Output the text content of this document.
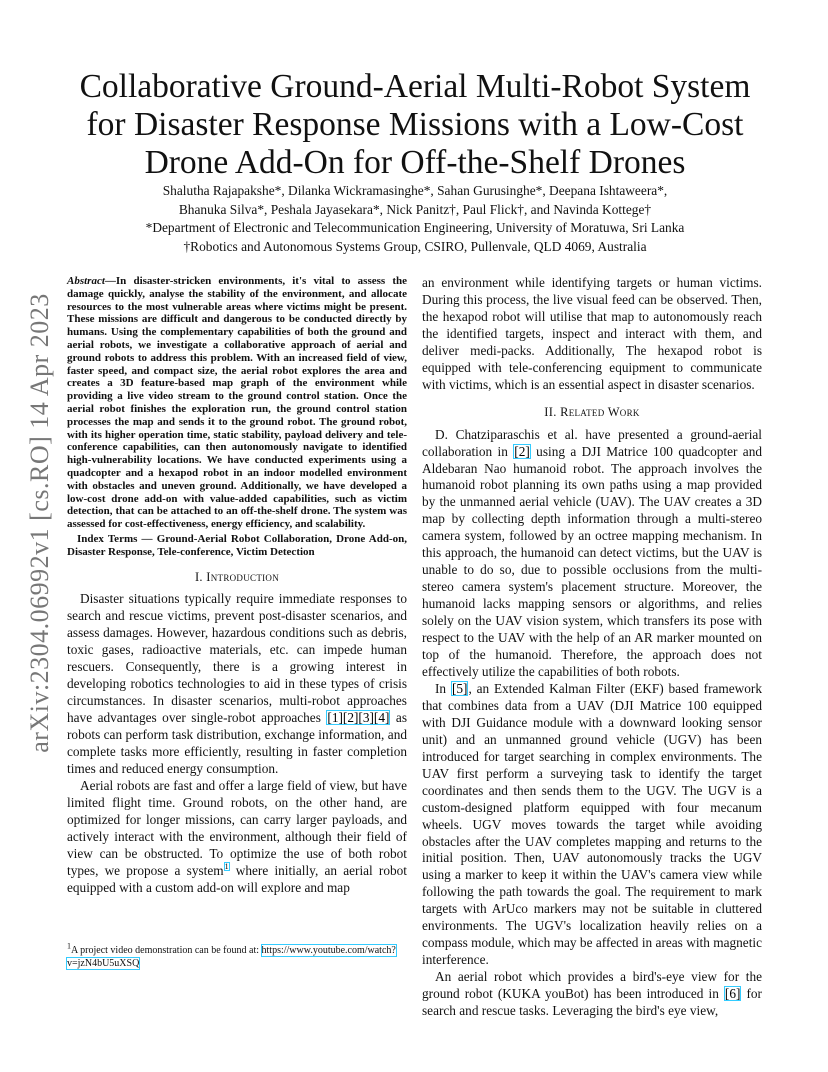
arXiv:2304.06992v1 [cs.RO] 14 Apr 2023
Collaborative Ground-Aerial Multi-Robot System for Disaster Response Missions with a Low-Cost Drone Add-On for Off-the-Shelf Drones
Shalutha Rajapakshe*, Dilanka Wickramasinghe*, Sahan Gurusinghe*, Deepana Ishtaweera*,
Bhanuka Silva*, Peshala Jayasekara*, Nick Panitz†, Paul Flick†, and Navinda Kottege†
*Department of Electronic and Telecommunication Engineering, University of Moratuwa, Sri Lanka
†Robotics and Autonomous Systems Group, CSIRO, Pullenvale, QLD 4069, Australia
Abstract—In disaster-stricken environments, it's vital to assess the damage quickly, analyse the stability of the environment, and allocate resources to the most vulnerable areas where victims might be present. These missions are difficult and dangerous to be conducted directly by humans. Using the complementary capabilities of both the ground and aerial robots, we investigate a collaborative approach of aerial and ground robots to address this problem. With an increased field of view, faster speed, and compact size, the aerial robot explores the area and creates a 3D feature-based map graph of the environment while providing a live video stream to the ground control station. Once the aerial robot finishes the exploration run, the ground control station processes the map and sends it to the ground robot. The ground robot, with its higher operation time, static stability, payload delivery and tele-conference capabilities, can then autonomously navigate to identified high-vulnerability locations. We have conducted experiments using a quadcopter and a hexapod robot in an indoor modelled environment with obstacles and uneven ground. Additionally, we have developed a low-cost drone add-on with value-added capabilities, such as victim detection, that can be attached to an off-the-shelf drone. The system was assessed for cost-effectiveness, energy efficiency, and scalability.
Index Terms — Ground-Aerial Robot Collaboration, Drone Add-on, Disaster Response, Tele-conference, Victim Detection
I. Introduction

Disaster situations typically require immediate responses to search and rescue victims, prevent post-disaster scenarios, and assess damages. However, hazardous conditions such as debris, toxic gases, radioactive materials, etc. can impede human rescuers. Consequently, there is a growing interest in developing robotics technologies to aid in these types of crisis circumstances. In disaster scenarios, multi-robot approaches have advantages over single-robot approaches [1][2][3][4] as robots can perform task distribution, exchange information, and complete tasks more efficiently, resulting in faster completion times and reduced energy consumption.

Aerial robots are fast and offer a large field of view, but have limited flight time. Ground robots, on the other hand, are optimized for longer missions, can carry larger payloads, and actively interact with the environment, although their field of view can be obstructed. To optimize the use of both robot types, we propose a system$^1$ where initially, an aerial robot equipped with a custom add-on will explore and map

$^1$A project video demonstration can be found at: https://www.youtube.com/watch?v=jzN4bU5uXSQ

an environment while identifying targets or human victims. During this process, the live visual feed can be observed. Then, the hexapod robot will utilise that map to autonomously reach the identified targets, inspect and interact with them, and deliver medi-packs. Additionally, The hexapod robot is equipped with tele-conferencing equipment to communicate with victims, which is an essential aspect in disaster scenarios.

II. Related Work

D. Chatziparaschis et al. have presented a ground-aerial collaboration in [2] using a DJI Matrice 100 quadcopter and Aldebaran Nao humanoid robot. The approach involves the humanoid robot planning its own paths using a map provided by the unmanned aerial vehicle (UAV). The UAV creates a 3D map by collecting depth information through a multi-stereo camera system, followed by an octree mapping mechanism. In this approach, the humanoid can detect victims, but the UAV is unable to do so, due to possible occlusions from the multi-stereo camera system's placement structure. Moreover, the humanoid lacks mapping sensors or algorithms, and relies solely on the UAV vision system, which transfers its pose with respect to the UAV with the help of an AR marker mounted on top of the humanoid. Therefore, the approach does not effectively utilize the capabilities of both robots.

In [5], an Extended Kalman Filter (EKF) based framework that combines data from a UAV (DJI Matrice 100 equipped with DJI Guidance module with a downward looking sensor unit) and an unmanned ground vehicle (UGV) has been introduced for target searching in complex environments. The UAV first perform a surveying task to identify the target coordinates and then sends them to the UGV. The UGV is a custom-designed platform equipped with four mecanum wheels. UGV moves towards the target while avoiding obstacles after the UAV completes mapping and returns to the initial position. Then, UAV autonomously tracks the UGV using a marker to keep it within the UAV's camera view while following the path towards the goal. The requirement to mark targets with ArUco markers may not be suitable in cluttered environments. The UGV's localization heavily relies on a compass module, which may be affected in areas with magnetic interference.

An aerial robot which provides a bird's-eye view for the ground robot (KUKA youBot) has been introduced in [6] for search and rescue tasks. Leveraging the bird's eye view,
